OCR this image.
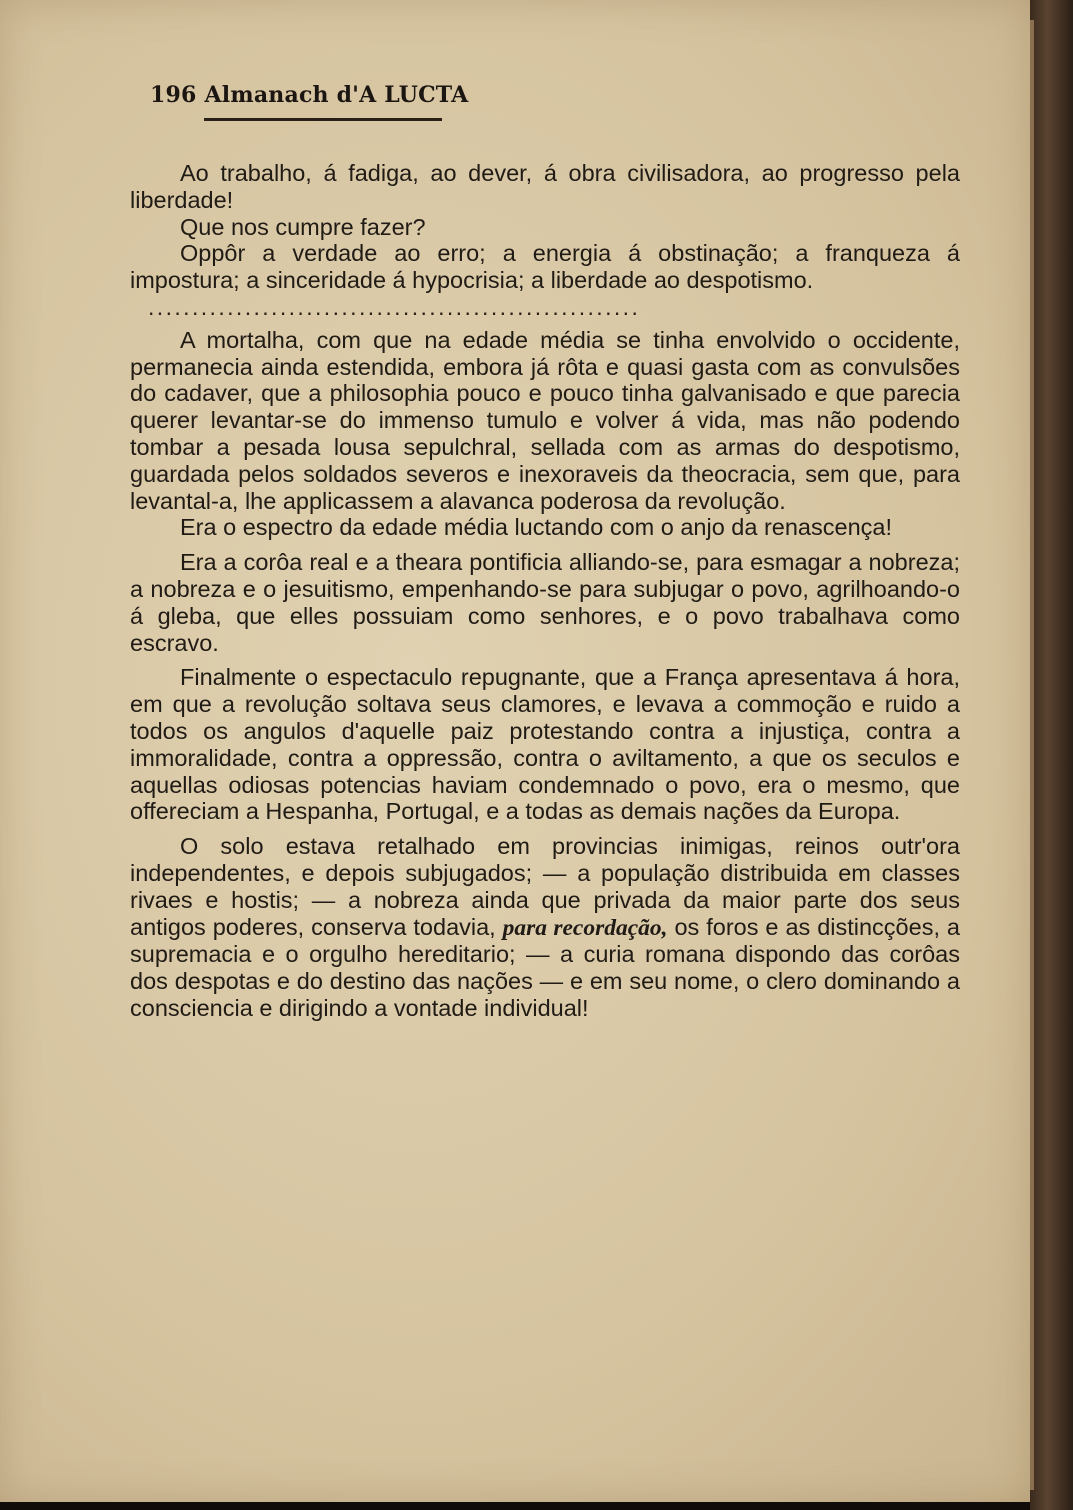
196 Almanach d'A LUCTA

Ao trabalho, á fadiga, ao dever, á obra civilisadora, ao progresso pela liberdade!

Que nos cumpre fazer?

Oppôr a verdade ao erro; a energia á obstinação; a franqueza á impostura; a sinceridade á hypocrisia; a liberdade ao despotismo.

........................................................

A mortalha, com que na edade média se tinha envolvido o occidente, permanecia ainda estendida, embora já rôta e quasi gasta com as convulsões do cadaver, que a philosophia pouco e pouco tinha galvanisado e que parecia querer levantar-se do immenso tumulo e volver á vida, mas não podendo tombar a pesada lousa sepulchral, sellada com as armas do despotismo, guardada pelos soldados severos e inexoraveis da theocracia, sem que, para levantal-a, lhe applicassem a alavanca poderosa da revolução.

Era o espectro da edade média luctando com o anjo da renascença!

Era a corôa real e a theara pontificia alliando-se, para esmagar a nobreza; a nobreza e o jesuitismo, empenhando-se para subjugar o povo, agrilhoando-o á gleba, que elles possuiam como senhores, e o povo trabalhava como escravo.

Finalmente o espectaculo repugnante, que a França apresentava á hora, em que a revolução soltava seus clamores, e levava a commoção e ruido a todos os angulos d'aquelle paiz protestando contra a injustiça, contra a immoralidade, contra a oppressão, contra o aviltamento, a que os seculos e aquellas odiosas potencias haviam condemnado o povo, era o mesmo, que offereciam a Hespanha, Portugal, e a todas as demais nações da Europa.

O solo estava retalhado em provincias inimigas, reinos outr'ora independentes, e depois subjugados; — a população distribuida em classes rivaes e hostis; — a nobreza ainda que privada da maior parte dos seus antigos poderes, conserva todavia, para recordação, os foros e as distincções, a supremacia e o orgulho hereditario; — a curia romana dispondo das corôas dos despotas e do destino das nações — e em seu nome, o clero dominando a consciencia e dirigindo a vontade individual!
